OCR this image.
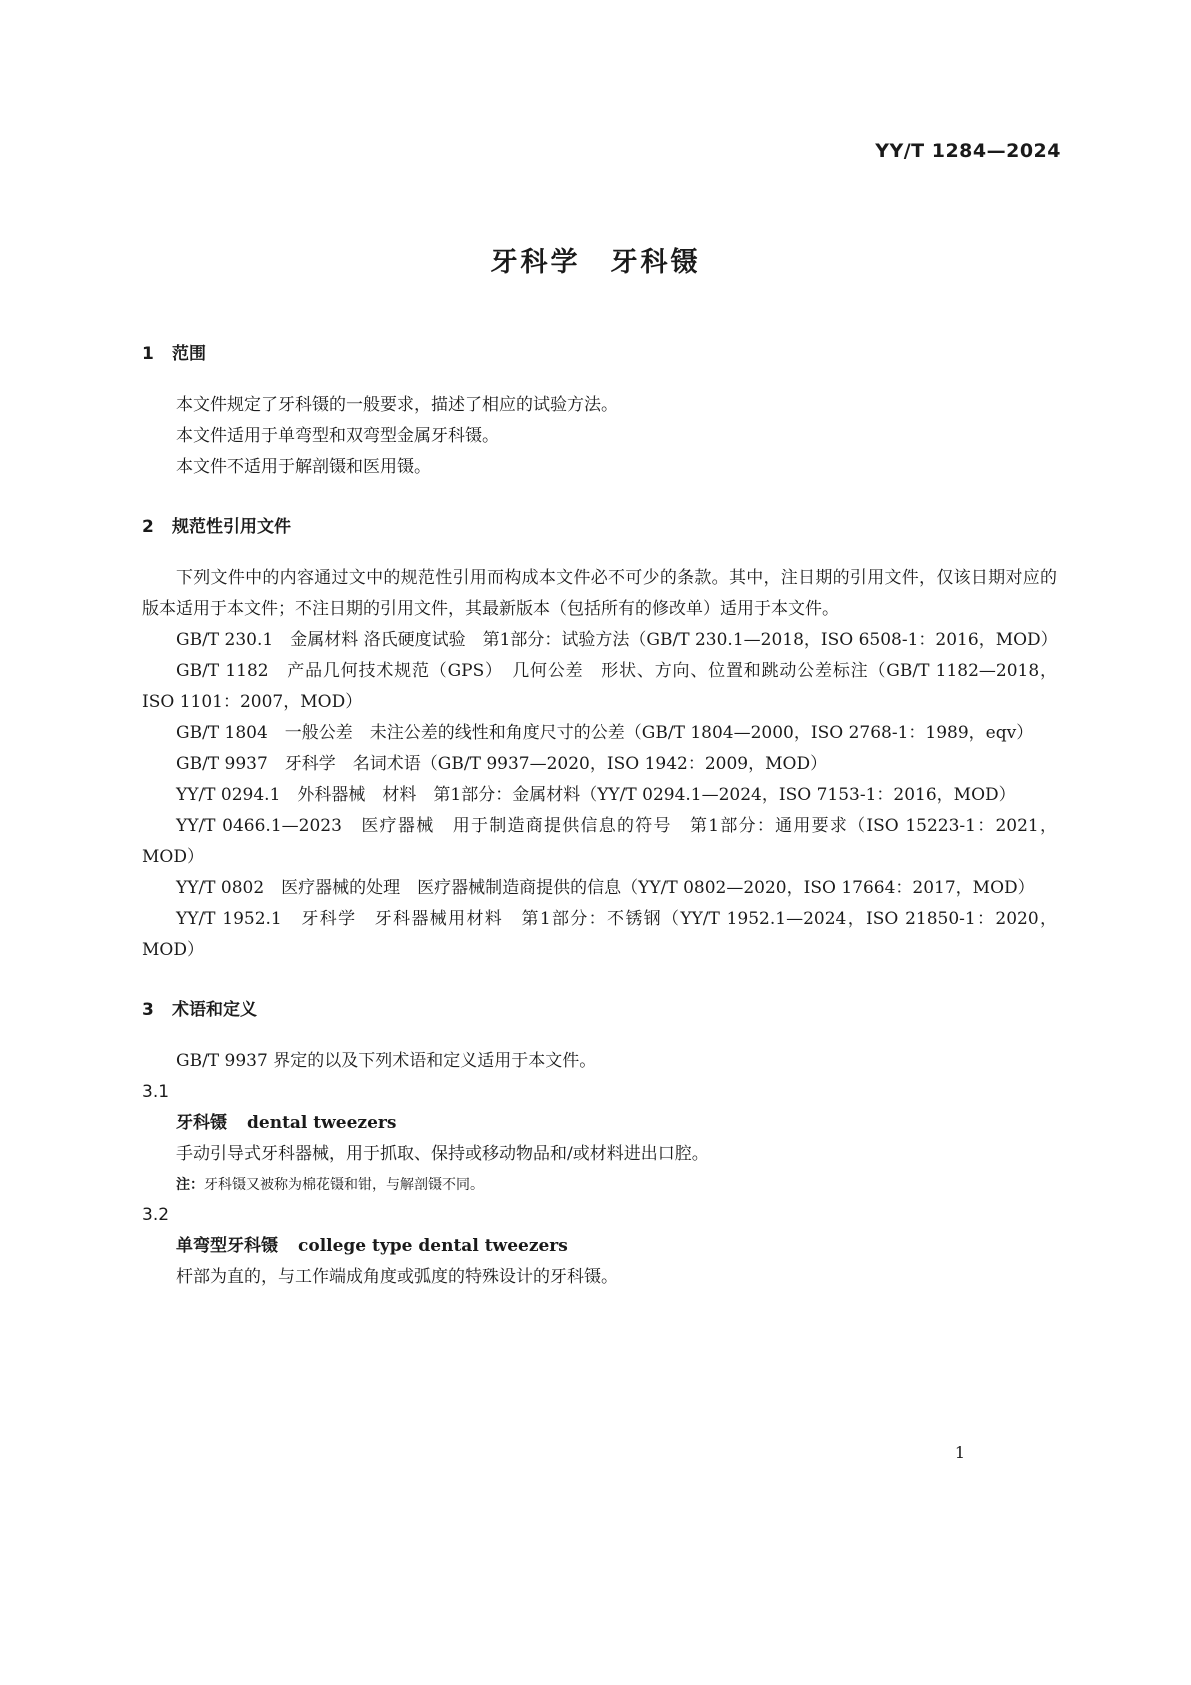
YY/T 1284—2024
牙科学　牙科镊
1 范围

本文件规定了牙科镊的一般要求，描述了相应的试验方法。

本文件适用于单弯型和双弯型金属牙科镊。

本文件不适用于解剖镊和医用镊。

2 规范性引用文件

下列文件中的内容通过文中的规范性引用而构成本文件必不可少的条款。其中，注日期的引用文件，仅该日期对应的版本适用于本文件；不注日期的引用文件，其最新版本（包括所有的修改单）适用于本文件。

GB/T 230.1　金属材料 洛氏硬度试验　第1部分：试验方法（GB/T 230.1—2018，ISO 6508-1：2016，MOD）

GB/T 1182　产品几何技术规范（GPS）　几何公差　形状、方向、位置和跳动公差标注（GB/T 1182—2018，ISO 1101：2007，MOD）

GB/T 1804　一般公差　未注公差的线性和角度尺寸的公差（GB/T 1804—2000，ISO 2768-1：1989，eqv）

GB/T 9937　牙科学　名词术语（GB/T 9937—2020，ISO 1942：2009，MOD）

YY/T 0294.1　外科器械　材料　第1部分：金属材料（YY/T 0294.1—2024，ISO 7153-1：2016，MOD）

YY/T 0466.1—2023　医疗器械　用于制造商提供信息的符号　第1部分：通用要求（ISO 15223-1：2021，MOD）

YY/T 0802　医疗器械的处理　医疗器械制造商提供的信息（YY/T 0802—2020，ISO 17664：2017，MOD）

YY/T 1952.1　牙科学　牙科器械用材料　第1部分：不锈钢（YY/T 1952.1—2024，ISO 21850-1：2020，MOD）

3 术语和定义

GB/T 9937 界定的以及下列术语和定义适用于本文件。

3.1

牙科镊 dental tweezers

手动引导式牙科器械，用于抓取、保持或移动物品和/或材料进出口腔。

注：牙科镊又被称为棉花镊和钳，与解剖镊不同。

3.2

单弯型牙科镊 college type dental tweezers

杆部为直的，与工作端成角度或弧度的特殊设计的牙科镊。

1
